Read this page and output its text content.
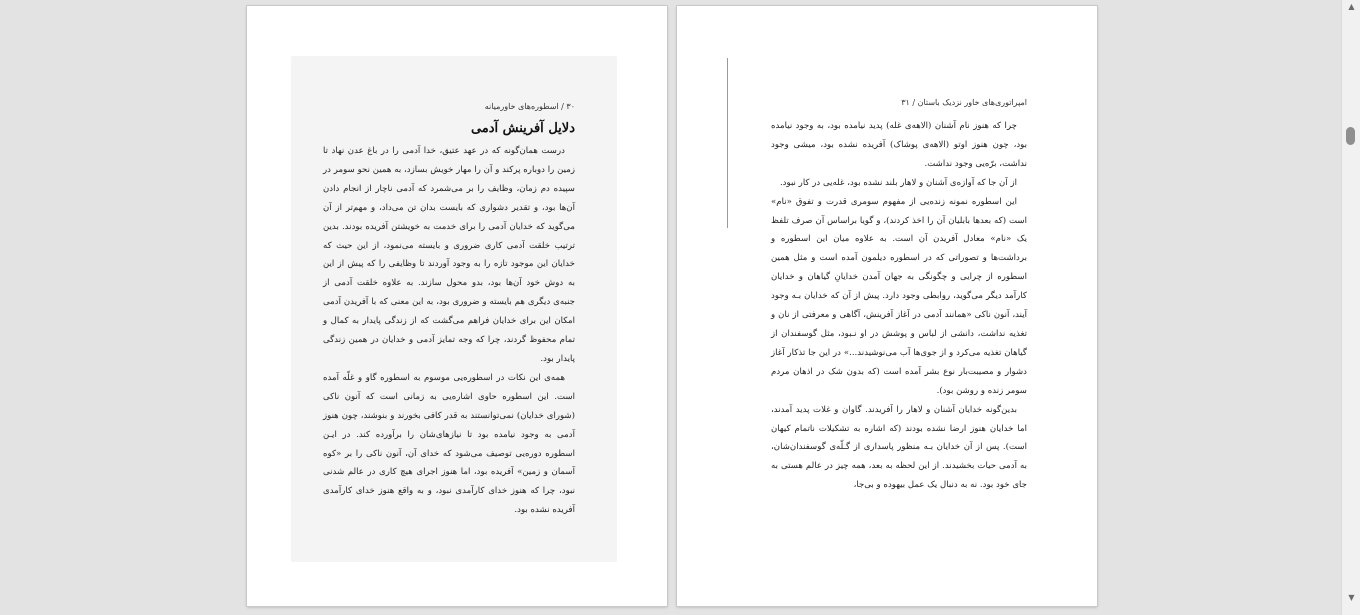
۳۰ / اسطوره‌های خاورمیانه
دلایل آفرینش آدمی

درست همان‌گونه که در عهد عتیق، خدا آدمی را در باغ عدن نهاد تا زمین را دوباره پرکند و آن را مهار خویش بسازد، به همین نحو سومر در سپیده دم زمان، وظایف را بر می‌شمرد که آدمی ناچار از انجام دادن آن‌ها بود، و تقدیر دشواری که بایست بدان تن می‌داد، و مهم‌تر از آن می‌گوید که خدایان آدمی را برای خدمت به خویشتن آفریده بودند. بدین ترتیب خلقت آدمی کاری ضروری و بایسته می‌نمود، از این حیث که خدایان این موجود تازه را به وجود آوردند تا وظایفی را که پیش از این به دوش خود آن‌ها بود، بدو محول سازند. به علاوه خلقت آدمی از جنبه‌ی دیگری هم بایسته و ضروری بود، به این معنی که با آفریدن آدمی امکان این برای خدایان فراهم می‌گشت که از زندگی پایدار به کمال و تمام محفوظ گردند، چرا که وجه تمایز آدمی و خدایان در همین زندگی پایدار بود.

همه‌ی این نکات در اسطوره‌یی موسوم به اسطوره گاو و غلّه آمده است. این اسطوره حاوی اشاره‌یی به زمانی است که آنون ناکی (شورای خدایان) نمی‌توانستند به قدر کافی بخورند و بنوشند، چون هنوز آدمی به وجود نیامده بود تا نیازهای‌شان را برآورده کند. در ایـن اسطوره دوره‌یی توصیف می‌شود که خدای آن، آنون ناکی را بر «کوه آسمان و زمین» آفریده بود، اما هنوز اجرای هیچ کاری در عالم شدنی نبود، چرا که هنوز خدای کارآمدی نبود، و به واقع هنوز خدای کارآمدی آفریده نشده بود.

امپراتوری‌های خاور نزدیک باستان / ۳۱

چرا که هنوز نام آشنان (الاهه‌ی غله) پدید نیامده بود، به وجود نیامده بود، چون هنوز اوتو (الاهه‌ی پوشاک) آفریده نشده بود، میشی وجود نداشت، برّه‌یی وجود نداشت.

از آن جا که آوازه‌ی آشنان و لاهار بلند نشده بود، غله‌یی در کار نبود.

این اسطوره نمونه زنده‌یی از مفهوم سومری قدرت و تفوق «نام» است (که بعدها بابلیان آن را اخذ کردند)، و گویا براساس آن صرف تلفظ یک «نام» معادل آفریدن آن است. به علاوه میان این اسطوره و برداشت‌ها و تصوراتی که در اسطوره دیلمون آمده است و مثل همین اسطوره از چرایی و چگونگی به جهان آمدن خدایانِ گیاهان و خدایان کارآمد دیگر می‌گوید، روابطی وجود دارد. پیش از آن که خدایان بـه وجود آیند، آنون ناکی «همانند آدمی در آغاز آفرینش، آگاهی و معرفتی از نان و تغذیه نداشت، دانشی از لباس و پوشش در او نـبود، مثل گوسفندان از گیاهان تغذیه می‌کرد و از جوی‌ها آب می‌نوشیدند...» در این جا تذکار آغاز دشوار و مصیبت‌بار نوع بشر آمده است (که بدون شک در اذهان مردم سومر زنده و روشن بود).

بدین‌گونه خدایان آشنان و لاهار را آفریدند. گاوان و غلات پدید آمدند، اما خدایان هنوز ارضا نشده بودند (که اشاره به تشکیلات ناتمام کیهان است). پس از آن خدایان بـه منظور پاسداری از گـلّه‌ی گوسفندان‌شان، به آدمی حیات بخشیدند. از این لحظه به بعد، همه چیز در عالم هستی به جای خود بود. نه به دنبال یک عمل بیهوده و بی‌جا،

▲
▼
